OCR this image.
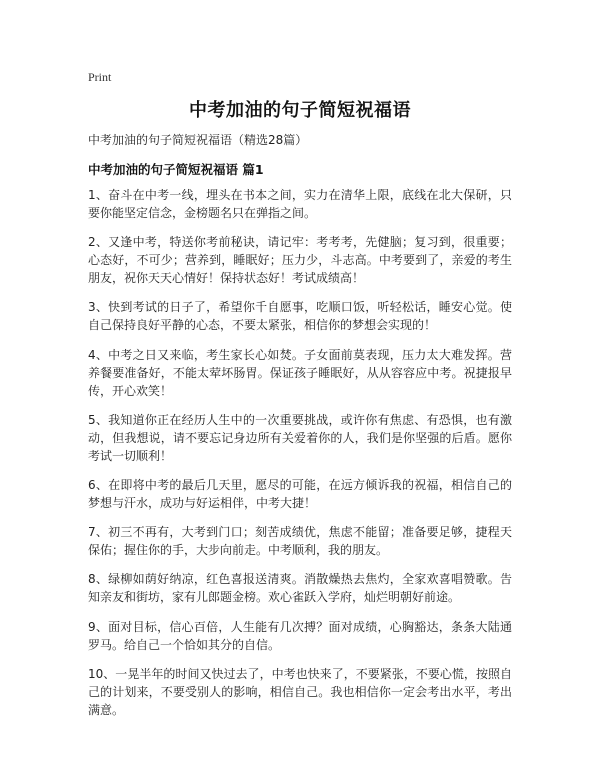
Print
中考加油的句子简短祝福语
中考加油的句子简短祝福语（精选28篇）
中考加油的句子简短祝福语 篇1

1、奋斗在中考一线，埋头在书本之间，实力在清华上限，底线在北大保研，只要你能坚定信念，金榜题名只在弹指之间。

2、又逢中考，特送你考前秘诀，请记牢：考考考，先健脑；复习到，很重要；心态好，不可少；营养到，睡眠好；压力少，斗志高。中考要到了，亲爱的考生朋友，祝你天天心情好！保持状态好！考试成绩高！

3、快到考试的日子了，希望你千自愿事，吃顺口饭，听轻松话，睡安心觉。使自己保持良好平静的心态，不要太紧张，相信你的梦想会实现的！

4、中考之日又来临，考生家长心如焚。子女面前莫表现，压力太大难发挥。营养餐要准备好，不能太荤坏肠胃。保证孩子睡眠好，从从容容应中考。祝捷报早传，开心欢笑！

5、我知道你正在经历人生中的一次重要挑战，或许你有焦虑、有恐惧，也有激动，但我想说，请不要忘记身边所有关爱着你的人，我们是你坚强的后盾。愿你考试一切顺利！

6、在即将中考的最后几天里，愿尽的可能，在远方倾诉我的祝福，相信自己的梦想与汗水，成功与好运相伴，中考大捷！

7、初三不再有，大考到门口；刻苦成绩优，焦虑不能留；准备要足够，捷程天保佑；握住你的手，大步向前走。中考顺利，我的朋友。

8、绿柳如荫好纳凉，红色喜报送清爽。消散燥热去焦灼，全家欢喜唱赞歌。告知亲友和街坊，家有儿郎题金榜。欢心雀跃入学府，灿烂明朝好前途。

9、面对目标，信心百倍，人生能有几次搏？面对成绩，心胸豁达，条条大陆通罗马。给自己一个恰如其分的自信。

10、一晃半年的时间又快过去了，中考也快来了，不要紧张，不要心慌，按照自己的计划来，不要受别人的影响，相信自己。我也相信你一定会考出水平，考出满意。
